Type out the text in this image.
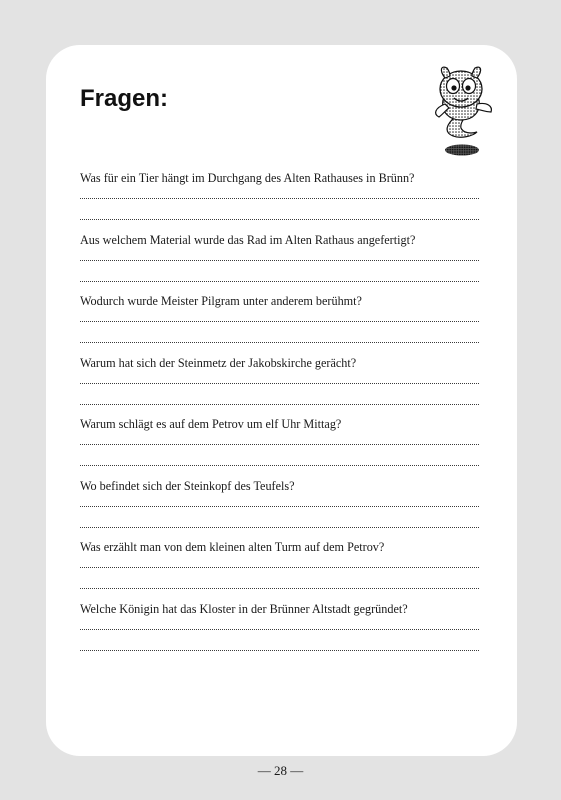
Fragen:
Was für ein Tier hängt im Durchgang des Alten Rathauses in Brünn?
Aus welchem Material wurde das Rad im Alten Rathaus angefertigt?
Wodurch wurde Meister Pilgram unter anderem berühmt?
Warum hat sich der Steinmetz der Jakobskirche gerächt?
Warum schlägt es auf dem Petrov um elf Uhr Mittag?
Wo befindet sich der Steinkopf des Teufels?
Was erzählt man von dem kleinen alten Turm auf dem Petrov?
Welche Königin hat das Kloster in der Brünner Altstadt gegründet?
— 28 —
